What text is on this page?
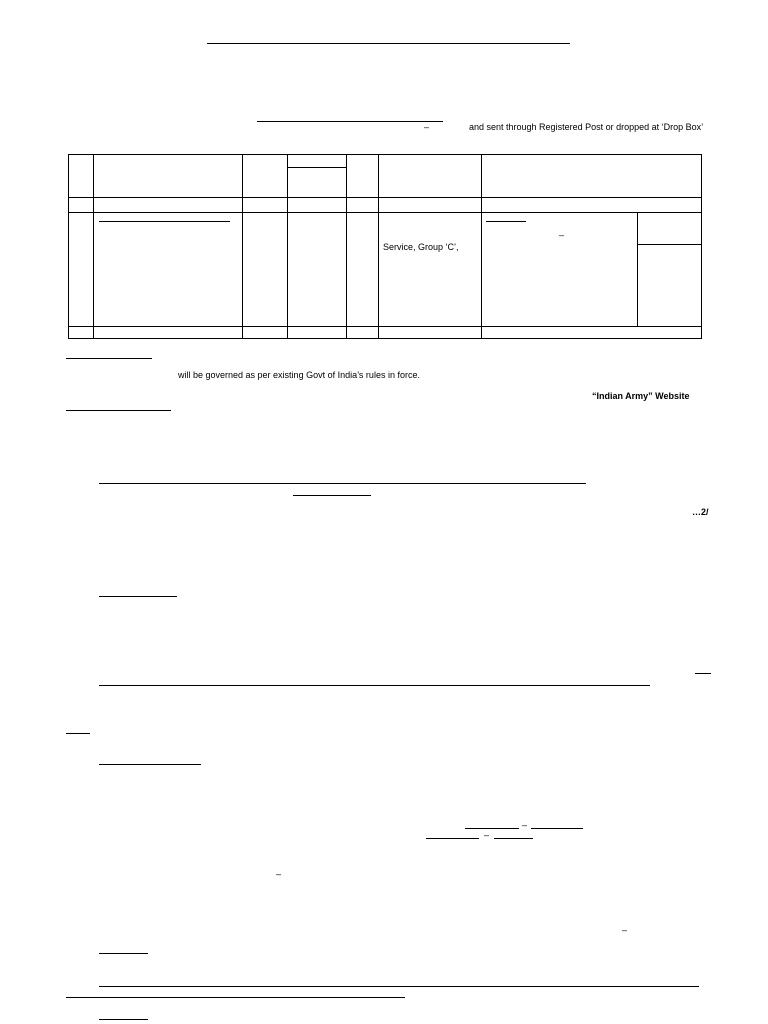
–	and sent through Registered Post or dropped at ‘Drop Box’

					Service, Group ‘C’,	_	

will be governed as per existing Govt of India’s rules in force.
“Indian Army” Website
…2/
–
–
–
–
